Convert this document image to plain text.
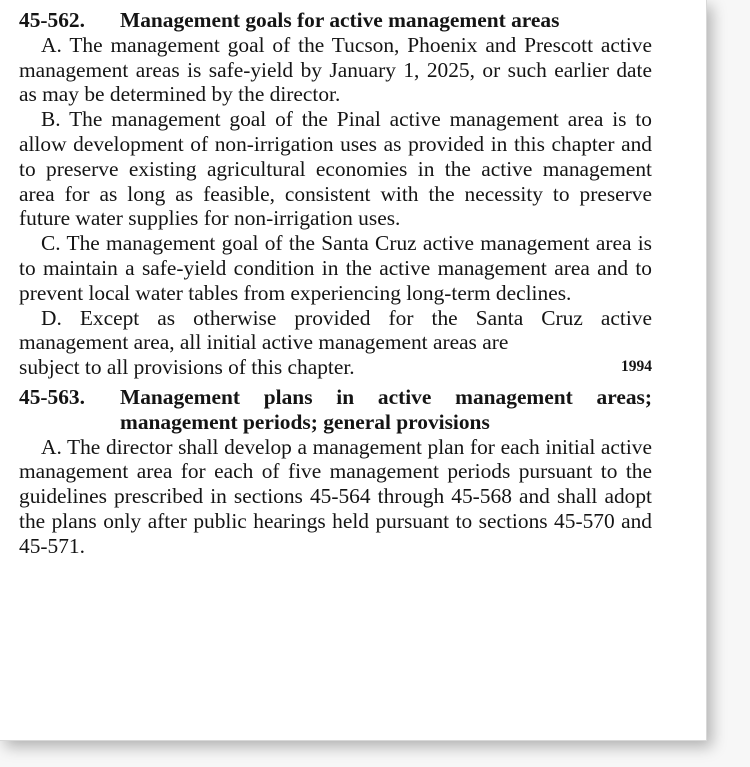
45-562.	Management goals for active management areas

A. The management goal of the Tucson, Phoenix and Prescott active management areas is safe-yield by January 1, 2025, or such earlier date as may be determined by the director.

B. The management goal of the Pinal active management area is to allow development of non-irrigation uses as provided in this chapter and to preserve existing agricultural economies in the active management area for as long as feasible, consistent with the necessity to preserve future water supplies for non-irrigation uses.

C. The management goal of the Santa Cruz active management area is to maintain a safe-yield condition in the active management area and to prevent local water tables from experiencing long-term declines.

D. Except as otherwise provided for the Santa Cruz active management area, all initial active management areas are

subject to all provisions of this chapter.	1994
45-563.	Management plans in active management areas; management periods; general provisions

A. The director shall develop a management plan for each initial active management area for each of five management periods pursuant to the guidelines prescribed in sections 45-564 through 45-568 and shall adopt the plans only after public hearings held pursuant to sections 45-570 and 45-571.
